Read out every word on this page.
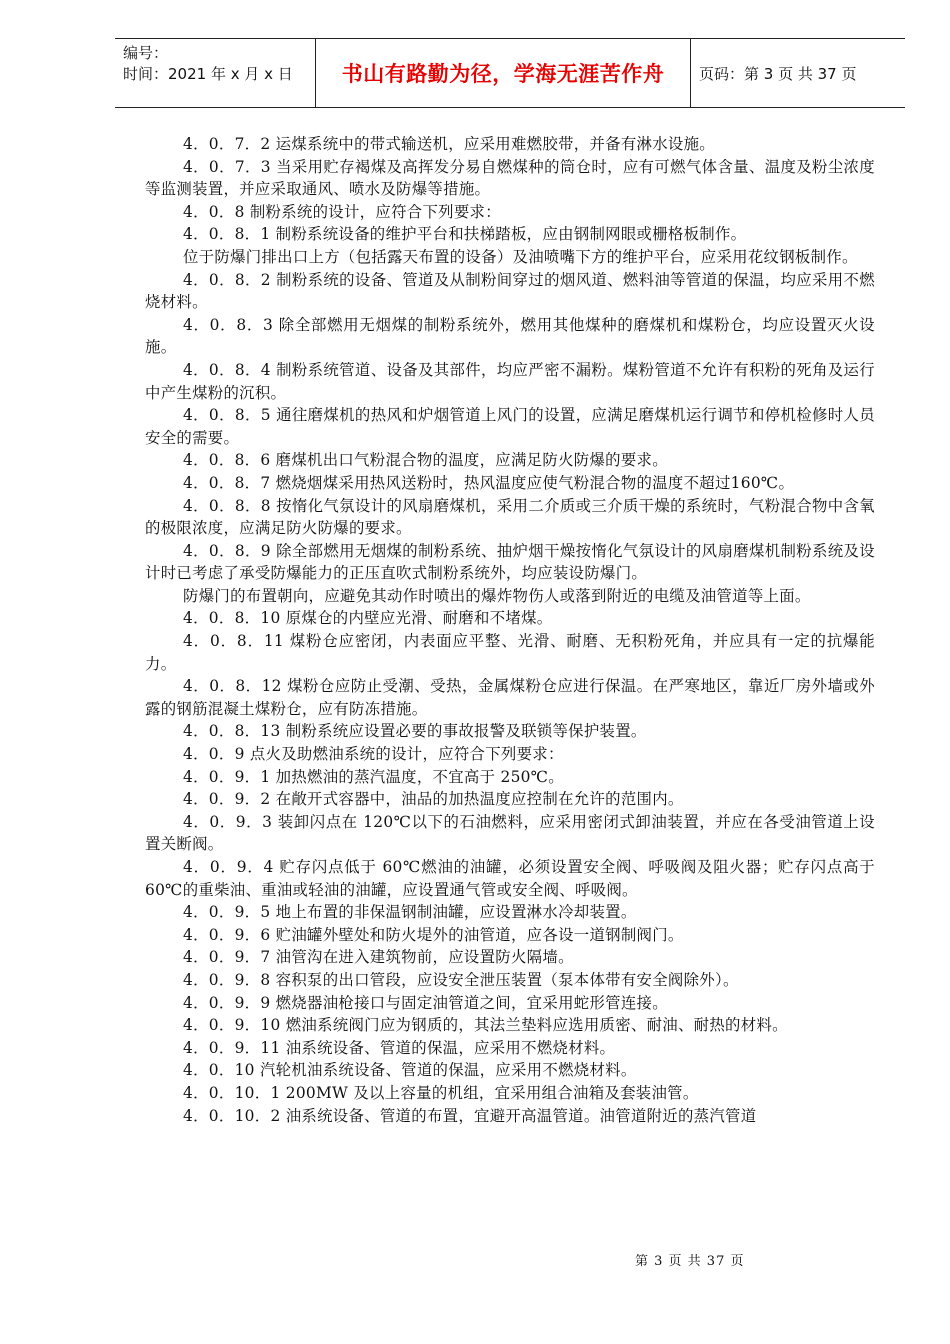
编号：
时间：2021 年 x 月 x 日	书山有路勤为径，学海无涯苦作舟	页码：第 3 页 共 37 页

4．0．7．2 运煤系统中的带式输送机，应采用难燃胶带，并备有淋水设施。

4．0．7．3 当采用贮存褐煤及高挥发分易自燃煤种的筒仓时，应有可燃气体含量、温度及粉尘浓度等监测装置，并应采取通风、喷水及防爆等措施。

4．0．8 制粉系统的设计，应符合下列要求：

4．0．8．1 制粉系统设备的维护平台和扶梯踏板，应由钢制网眼或栅格板制作。

位于防爆门排出口上方（包括露天布置的设备）及油喷嘴下方的维护平台，应采用花纹钢板制作。

4．0．8．2 制粉系统的设备、管道及从制粉间穿过的烟风道、燃料油等管道的保温，均应采用不燃烧材料。

4．0．8．3 除全部燃用无烟煤的制粉系统外，燃用其他煤种的磨煤机和煤粉仓，均应设置灭火设施。

4．0．8．4 制粉系统管道、设备及其部件，均应严密不漏粉。煤粉管道不允许有积粉的死角及运行中产生煤粉的沉积。

4．0．8．5 通往磨煤机的热风和炉烟管道上风门的设置，应满足磨煤机运行调节和停机检修时人员安全的需要。

4．0．8．6 磨煤机出口气粉混合物的温度，应满足防火防爆的要求。

4．0．8．7 燃烧烟煤采用热风送粉时，热风温度应使气粉混合物的温度不超过160℃。

4．0．8．8 按惰化气氛设计的风扇磨煤机，采用二介质或三介质干燥的系统时，气粉混合物中含氧的极限浓度，应满足防火防爆的要求。

4．0．8．9 除全部燃用无烟煤的制粉系统、抽炉烟干燥按惰化气氛设计的风扇磨煤机制粉系统及设计时已考虑了承受防爆能力的正压直吹式制粉系统外，均应装设防爆门。

防爆门的布置朝向，应避免其动作时喷出的爆炸物伤人或落到附近的电缆及油管道等上面。

4．0．8．10 原煤仓的内壁应光滑、耐磨和不堵煤。

4．0．8．11 煤粉仓应密闭，内表面应平整、光滑、耐磨、无积粉死角，并应具有一定的抗爆能力。

4．0．8．12 煤粉仓应防止受潮、受热，金属煤粉仓应进行保温。在严寒地区，靠近厂房外墙或外露的钢筋混凝土煤粉仓，应有防冻措施。

4．0．8．13 制粉系统应设置必要的事故报警及联锁等保护装置。

4．0．9 点火及助燃油系统的设计，应符合下列要求：

4．0．9．1 加热燃油的蒸汽温度，不宜高于 250℃。

4．0．9．2 在敞开式容器中，油品的加热温度应控制在允许的范围内。

4．0．9．3 装卸闪点在 120℃以下的石油燃料，应采用密闭式卸油装置，并应在各受油管道上设置关断阀。

4．0．9．4 贮存闪点低于 60℃燃油的油罐，必须设置安全阀、呼吸阀及阻火器；贮存闪点高于 60℃的重柴油、重油或轻油的油罐，应设置通气管或安全阀、呼吸阀。

4．0．9．5 地上布置的非保温钢制油罐，应设置淋水冷却装置。

4．0．9．6 贮油罐外壁处和防火堤外的油管道，应各设一道钢制阀门。

4．0．9．7 油管沟在进入建筑物前，应设置防火隔墙。

4．0．9．8 容积泵的出口管段，应设安全泄压装置（泵本体带有安全阀除外）。

4．0．9．9 燃烧器油枪接口与固定油管道之间，宜采用蛇形管连接。

4．0．9．10 燃油系统阀门应为钢质的，其法兰垫料应选用质密、耐油、耐热的材料。

4．0．9．11 油系统设备、管道的保温，应采用不燃烧材料。

4．0．10 汽轮机油系统设备、管道的保温，应采用不燃烧材料。

4．0．10．1 200MW 及以上容量的机组，宜采用组合油箱及套装油管。

4．0．10．2 油系统设备、管道的布置，宜避开高温管道。油管道附近的蒸汽管道

第 3 页 共 37 页
